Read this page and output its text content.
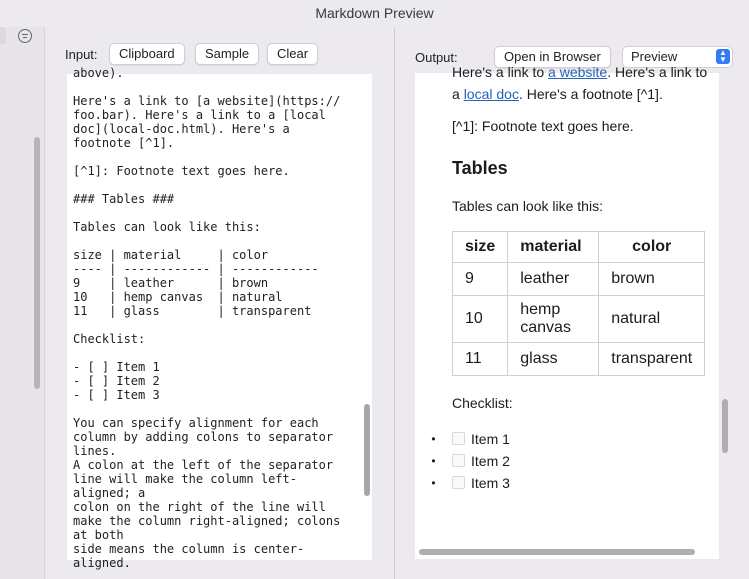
Markdown Preview
Input:	Clipboard	Sample	Clear
above).

Here's a link to [a website](https://
foo.bar). Here's a link to a [local
doc](local-doc.html). Here's a
footnote [^1].

[^1]: Footnote text goes here.

### Tables ###

Tables can look like this:

size | material     | color
---- | ------------ | ------------
9    | leather      | brown
10   | hemp canvas  | natural
11   | glass        | transparent

Checklist:

- [ ] Item 1
- [ ] Item 2
- [ ] Item 3

You can specify alignment for each
column by adding colons to separator
lines.
A colon at the left of the separator
line will make the column left-
aligned; a
colon on the right of the line will
make the column right-aligned; colons
at both
side means the column is center-
aligned.
Output:	Open in Browser	Preview	▲
▼

Here's a link to a website. Here's a link to a local doc. Here's a footnote [^1].

[^1]: Footnote text goes here.

Tables

Tables can look like this:

size	material	color
9	leather	brown
10	hemp canvas	natural
11	glass	transparent

Checklist:

•	Item 1
•	Item 2
•	Item 3
